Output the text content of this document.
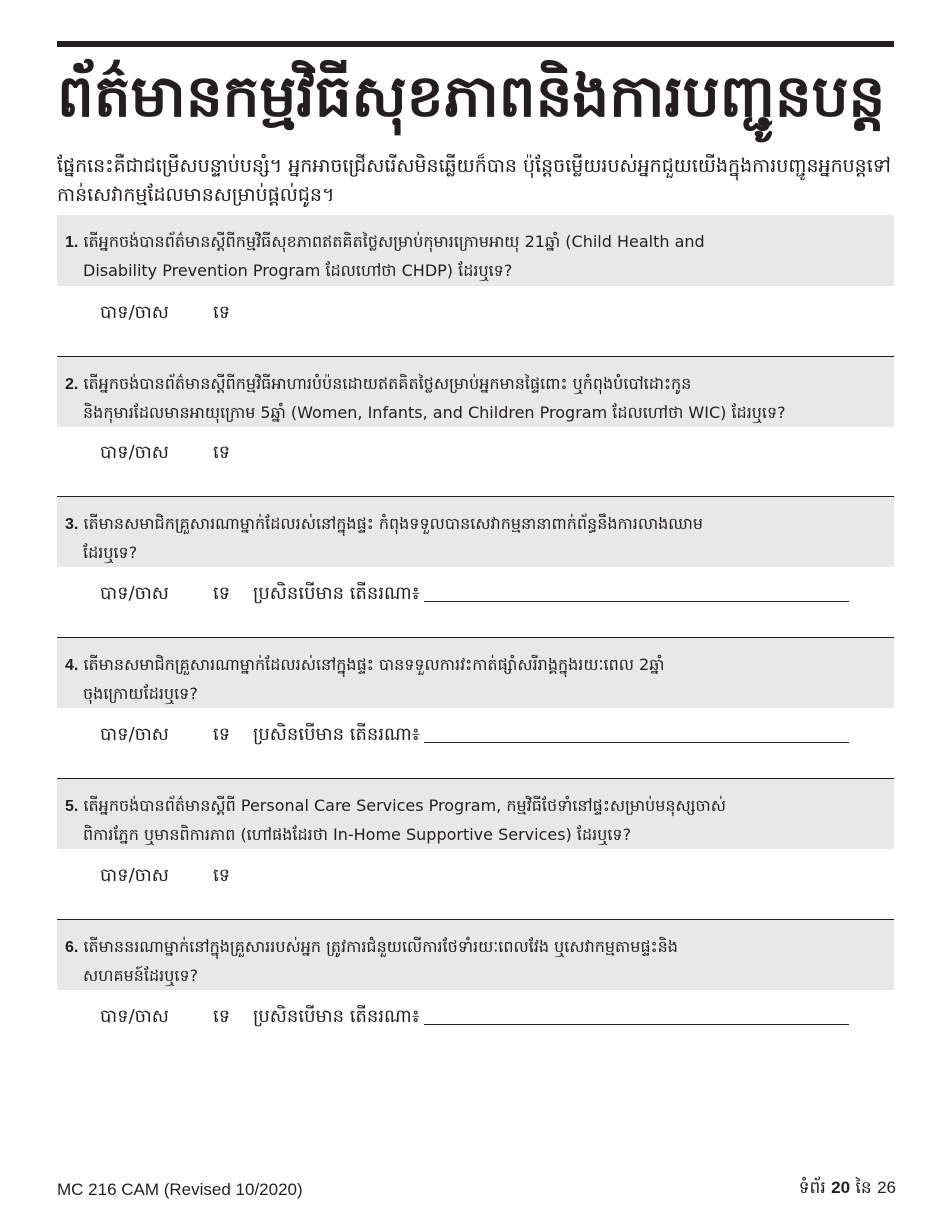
ព័ត៌មានកម្មវិធីសុខភាពនិងការបញ្ជូនបន្ត
ផ្នែកនេះគឺជាជម្រើសបន្ទាប់បន្សំ។ អ្នកអាចជ្រើសរើសមិនឆ្លើយក៏បាន ប៉ុន្តែចម្លើយរបស់អ្នកជួយយើងក្នុងការបញ្ជូនអ្នកបន្តទៅកាន់សេវាកម្មដែលមានសម្រាប់ផ្តល់ជូន។
1. តើអ្នកចង់បានព័ត៌មានស្តីពីកម្មវិធីសុខភាពឥតគិតថ្លៃសម្រាប់កុមារក្រោមអាយុ 21ឆ្នាំ (Child Health and
Disability Prevention Program ដែលហៅថា CHDP) ដែរឬទេ?
បាទ/ចាស ទេ
2. តើអ្នកចង់បានព័ត៌មានស្តីពីកម្មវិធីអាហារបំប៉នដោយឥតគិតថ្លៃសម្រាប់អ្នកមានផ្ទៃពោះ ឬកំពុងបំបៅដោះកូន
និងកុមារដែលមានអាយុក្រោម 5ឆ្នាំ (Women, Infants, and Children Program ដែលហៅថា WIC) ដែរឬទេ?
បាទ/ចាស ទេ
3. តើមានសមាជិកគ្រួសារណាម្នាក់ដែលរស់នៅក្នុងផ្ទះ កំពុងទទួលបានសេវាកម្មនានាពាក់ព័ន្ធនឹងការលាងឈាម
ដែរឬទេ?
បាទ/ចាស ទេ ប្រសិនបើមាន តើនរណា៖
4. តើមានសមាជិកគ្រួសារណាម្នាក់ដែលរស់នៅក្នុងផ្ទះ បានទទួលការវះកាត់ផ្សាំសរីរាង្គក្នុងរយៈពេល 2ឆ្នាំ
ចុងក្រោយដែរឬទេ?
បាទ/ចាស ទេ ប្រសិនបើមាន តើនរណា៖
5. តើអ្នកចង់បានព័ត៌មានស្តីពី Personal Care Services Program, កម្មវិធីថែទាំនៅផ្ទះសម្រាប់មនុស្សចាស់
ពិការភ្នែក ឬមានពិការភាព (ហៅផងដែរថា In-Home Supportive Services) ដែរឬទេ?
បាទ/ចាស ទេ
6. តើមាននរណាម្នាក់នៅក្នុងគ្រួសាររបស់អ្នក ត្រូវការជំនួយលើការថែទាំរយៈពេលវែង ឬសេវាកម្មតាមផ្ទះនិង
សហគមន៍ដែរឬទេ?
បាទ/ចាស ទេ ប្រសិនបើមាន តើនរណា៖
MC 216 CAM (Revised 10/2020)	ទំព័រ 20 នៃ 26
